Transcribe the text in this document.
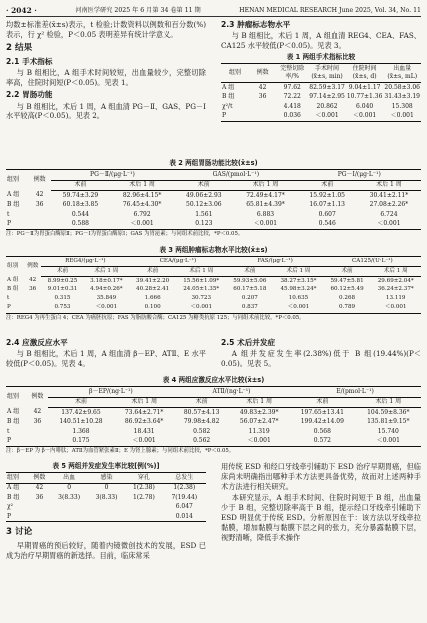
· 2042 ·	河南医学研究 2025 年 6 月第 34 卷第 11 期	HENAN MEDICAL RESEARCH June 2025, Vol. 34, No. 11

均数±标准差(x̄±s)表示，t 检验;计数资料以例数和百分数(%)表示，行 χ² 检验，P＜0.05 表明差异有统计学意义。

2 结果
2.1 手术指标

与 B 组相比，A 组手术时间较短，出血量较少，完整切除率高，住院时间短(P＜0.05)。见表 1。

2.2 胃肠功能

与 B 组相比，术后 1 周，A 组血清 PG－Ⅱ、GAS、PG－Ⅰ水平较高(P＜0.05)。见表 2。

2.3 肿瘤标志物水平

与 B 组相比，术后 1 周，A 组血清 REG4、CEA、FAS、CA125 水平较低(P＜0.05)。见表 3。

表 1 两组手术指标比较
组别	例数	完整切除率/%	手术时间 (x̄±s, min)	住院时间 (x̄±s, d)	出血量 (x̄±s, mL)
A 组	42	97.62	82.59±3.17	9.04±1.17	20.58±3.06
B 组	36	72.22	97.14±2.95	10.77±1.36	31.43±3.19
χ²/t		4.418	20.862	6.040	15.308
P		0.036	＜0.001	＜0.001	＜0.001
表 2 两组胃肠功能比较(x̄±s)
组别	例数	PG－Ⅱ/(μg·L⁻¹)		GAS/(pmol·L⁻¹)		PG－Ⅰ/(μg·L⁻¹)	
		术前	术后 1 周	术前	术后 1 周	术前	术后 1 周
A 组	42	59.74±3.29	82.96±4.15*	49.06±2.93	72.49±4.17*	15.92±1.05	30.41±2.11*
B 组	36	60.18±3.85	76.45±4.30*	50.12±3.06	65.81±4.39*	16.07±1.13	27.08±2.26*
t		0.544	6.792	1.561	6.883	0.607	6.724
P		0.588	＜0.001	0.123	＜0.001	0.546	＜0.001
注：PG－Ⅱ为胃蛋白酶原Ⅱ；PG－Ⅰ为胃蛋白酶原Ⅰ；GAS 为胃泌素；与同组术前比较，*P＜0.05。
表 3 两组肿瘤标志物水平比较(x̄±s)
组别	例数	REG4/(μg·L⁻¹)		CEA/(μg·L⁻¹)		FAS/(μg·L⁻¹)		CA125/(U·L⁻¹)	
		术前	术后 1 周	术前	术后 1 周	术前	术后 1 周	术前	术后 1 周
A 组	42	8.99±0.25	3.18±0.17*	39.41±2.20	15.56±1.09*	59.93±5.06	38.27±3.15*	59.47±5.81	29.69±2.04*
B 组	36	9.01±0.31	4.94±0.26*	40.28±2.41	24.05±1.35*	60.17±5.18	45.98±3.24*	60.12±5.49	36.24±2.37*
t		0.315	35.849	1.666	30.723	0.207	10.635	0.268	13.119
P		0.753	＜0.001	0.100	＜0.001	0.837	＜0.001	0.789	＜0.001
注：REG4 为再生蛋白 4；CEA 为癌胚抗原；FAS 为脂肪酸合酶；CA125 为糖类抗原 125；与同组术前比较，*P＜0.05。
2.4 应激反应水平

与 B 组相比，术后 1 周，A 组血清 β－EP、ATⅡ、E 水平较低(P＜0.05)。见表 4。

2.5 术后并发症

A 组并发症发生率(2.38%)低于 B 组(19.44%)(P＜0.05)。见表 5。

表 4 两组应激反应水平比较(x̄±s)
组别	例数	β－EP/(ng·L⁻¹)		ATⅡ/(ng·L⁻¹)		E/(pmol·L⁻¹)	
		术前	术后 1 周	术前	术后 1 周	术前	术后 1 周
A 组	42	137.42±9.65	73.64±2.71*	80.57±4.13	49.83±2.39*	197.65±13.41	104.59±8.36*
B 组	36	140.51±10.28	86.92±3.64*	79.98±4.82	56.07±2.47*	199.42±14.09	135.81±9.15*
t		1.368	18.431	0.582	11.319	0.568	15.740
P		0.175	＜0.001	0.562	＜0.001	0.572	＜0.001
注：β－EP 为 β－内啡肽；ATⅡ为血管紧张素Ⅱ；E 为肾上腺素；与同组术前比较，*P＜0.05。
表 5 两组并发症发生率比较[例(%)]
组别	例数	出血	感染	穿孔	总发生
A 组	42	0	0	1(2.38)	1(2.38)
B 组	36	3(8.33)	3(8.33)	1(2.78)	7(19.44)
χ²					6.047
P					0.014
3 讨论

早期胃癌的预后较好，随着内镜微创技术的发展，ESD 已成为治疗早期胃癌的新选择。目前，临床常采

用传统 ESD 和经口牙线牵引辅助下 ESD 治疗早期胃癌，但临床尚未明确指出哪种手术方法更具备优势，故而对上述两种手术方法进行相关研究。

本研究显示，A 组手术时间、住院时间短于 B 组，出血量少于 B 组，完整切除率高于 B 组，提示经口牙线牵引辅助下 ESD 明显优于传统 ESD。分析原因在于：该方法以牙线牵拉黏膜，增加黏膜与黏膜下层之间的张力，充分暴露黏膜下层，视野清晰，降低手术操作
